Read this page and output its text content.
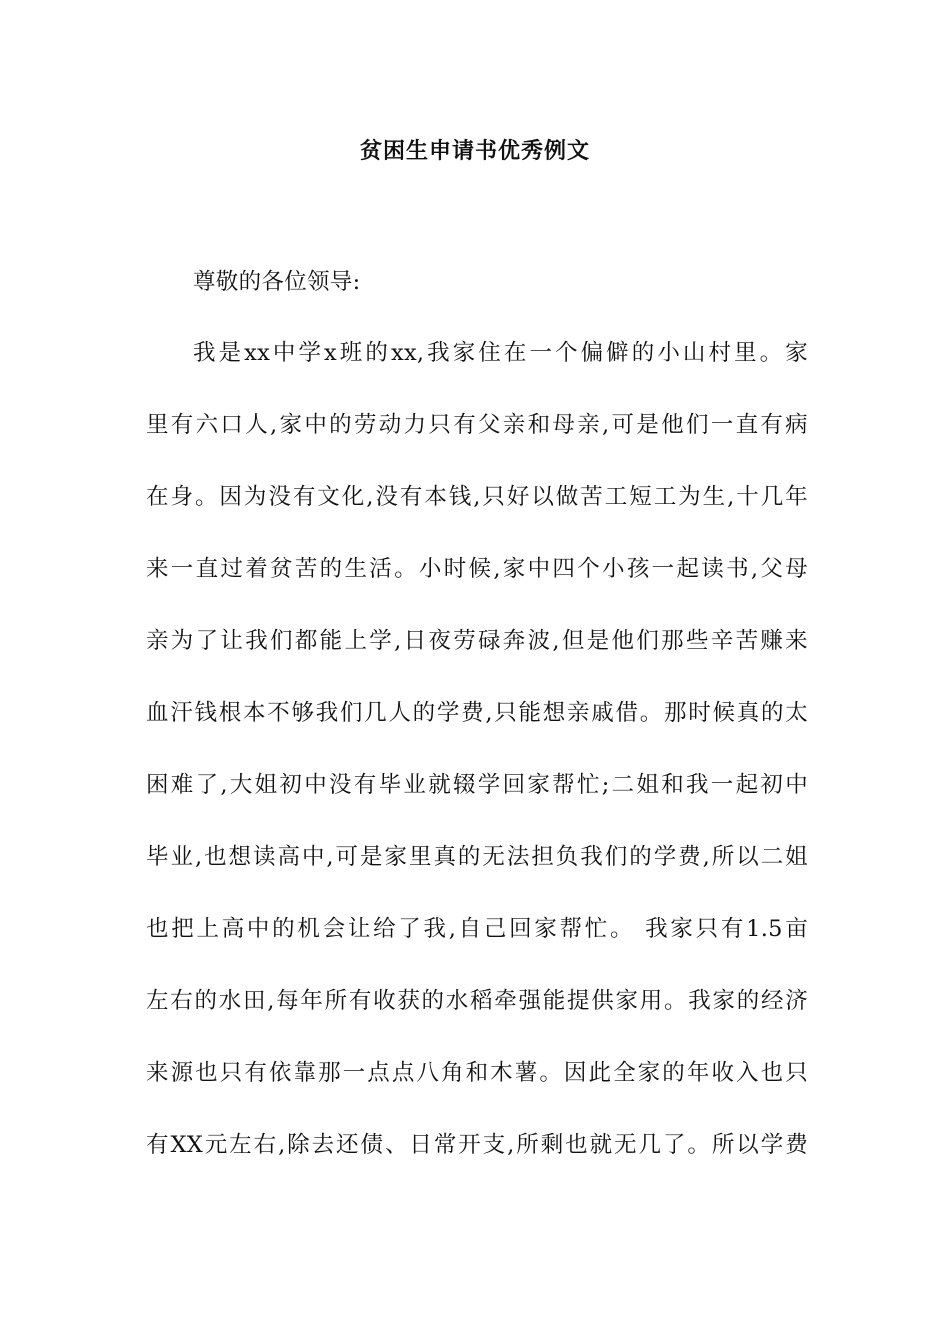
贫困生申请书优秀例文
尊敬的各位领导:
我是xx中学x班的xx,我家住在一个偏僻的小山村里。家
里有六口人,家中的劳动力只有父亲和母亲,可是他们一直有病
在身。因为没有文化,没有本钱,只好以做苦工短工为生,十几年
来一直过着贫苦的生活。小时候,家中四个小孩一起读书,父母
亲为了让我们都能上学,日夜劳碌奔波,但是他们那些辛苦赚来
血汗钱根本不够我们几人的学费,只能想亲戚借。那时候真的太
困难了,大姐初中没有毕业就辍学回家帮忙;二姐和我一起初中
毕业,也想读高中,可是家里真的无法担负我们的学费,所以二姐
也把上高中的机会让给了我,自己回家帮忙。 我家只有1.5亩
左右的水田,每年所有收获的水稻牵强能提供家用。我家的经济
来源也只有依靠那一点点八角和木薯。因此全家的年收入也只
有XX元左右,除去还债、日常开支,所剩也就无几了。所以学费
